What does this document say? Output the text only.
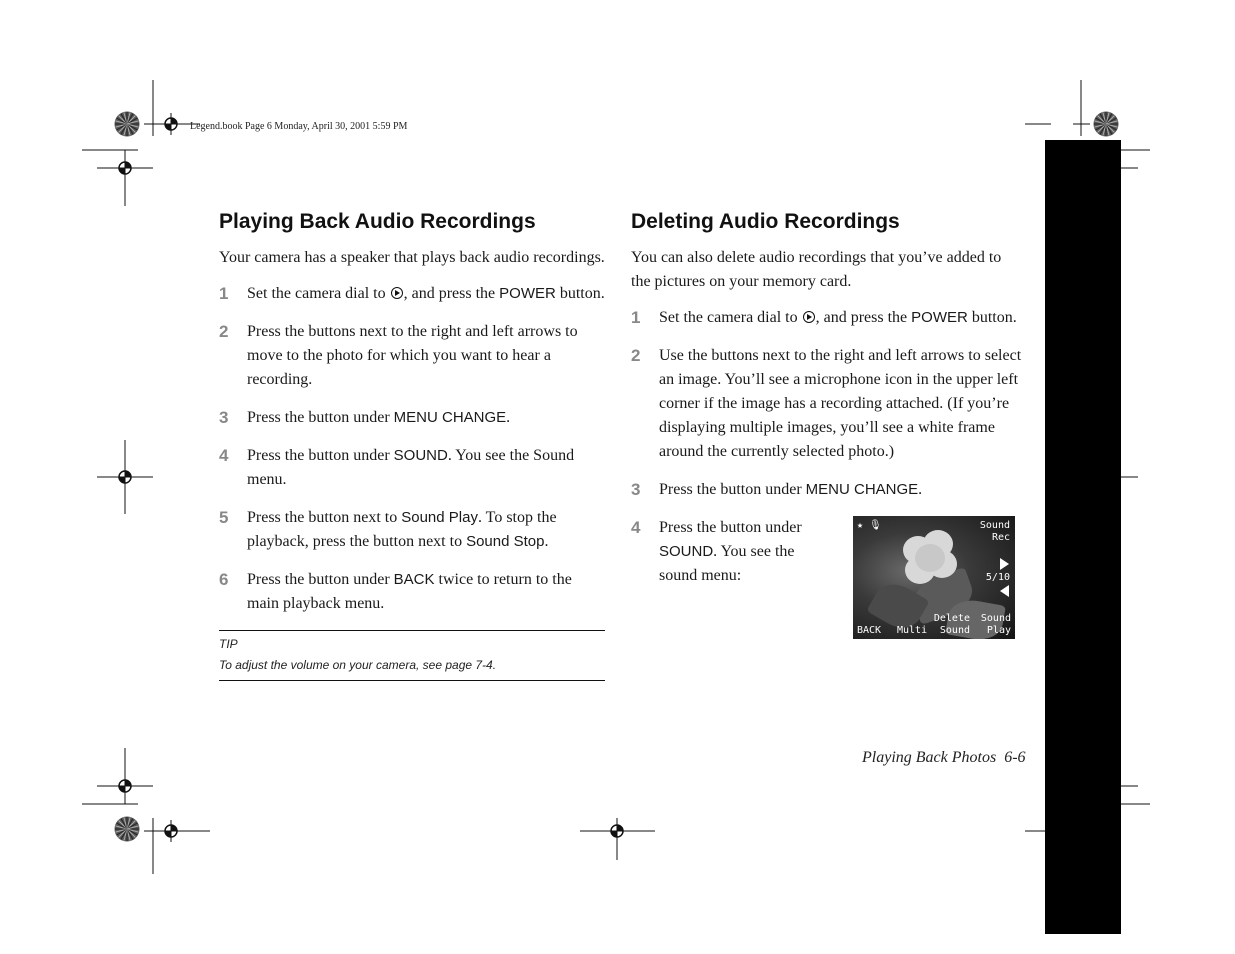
Legend.book Page 6 Monday, April 30, 2001 5:59 PM
Playing Back Audio Recordings

Your camera has a speaker that plays back audio recordings.

1	Set the camera dial to , and press the POWER button.
2	Press the buttons next to the right and left arrows to move to the photo for which you want to hear a recording.
3	Press the button under MENU CHANGE.
4	Press the button under SOUND. You see the Sound menu.
5	Press the button next to Sound Play. To stop the playback, press the button next to Sound Stop.
6	Press the button under BACK twice to return to the main playback menu.
TIP
To adjust the volume on your camera, see page 7-4.
Deleting Audio Recordings

You can also delete audio recordings that you’ve added to the pictures on your memory card.

1	Set the camera dial to , and press the POWER button.
2	Use the buttons next to the right and left arrows to select an image. You’ll see a microphone icon in the upper left corner if the image has a recording attached. (If you’re displaying multiple images, you’ll see a white frame around the currently selected photo.)
3	Press the button under MENU CHANGE.
4	Press the button under SOUND. You see the sound menu:
★ 🎙	Sound
Rec
5/10
BACK Multi
Delete
Sound
Sound
Play
Playing Back Photos 6-6
